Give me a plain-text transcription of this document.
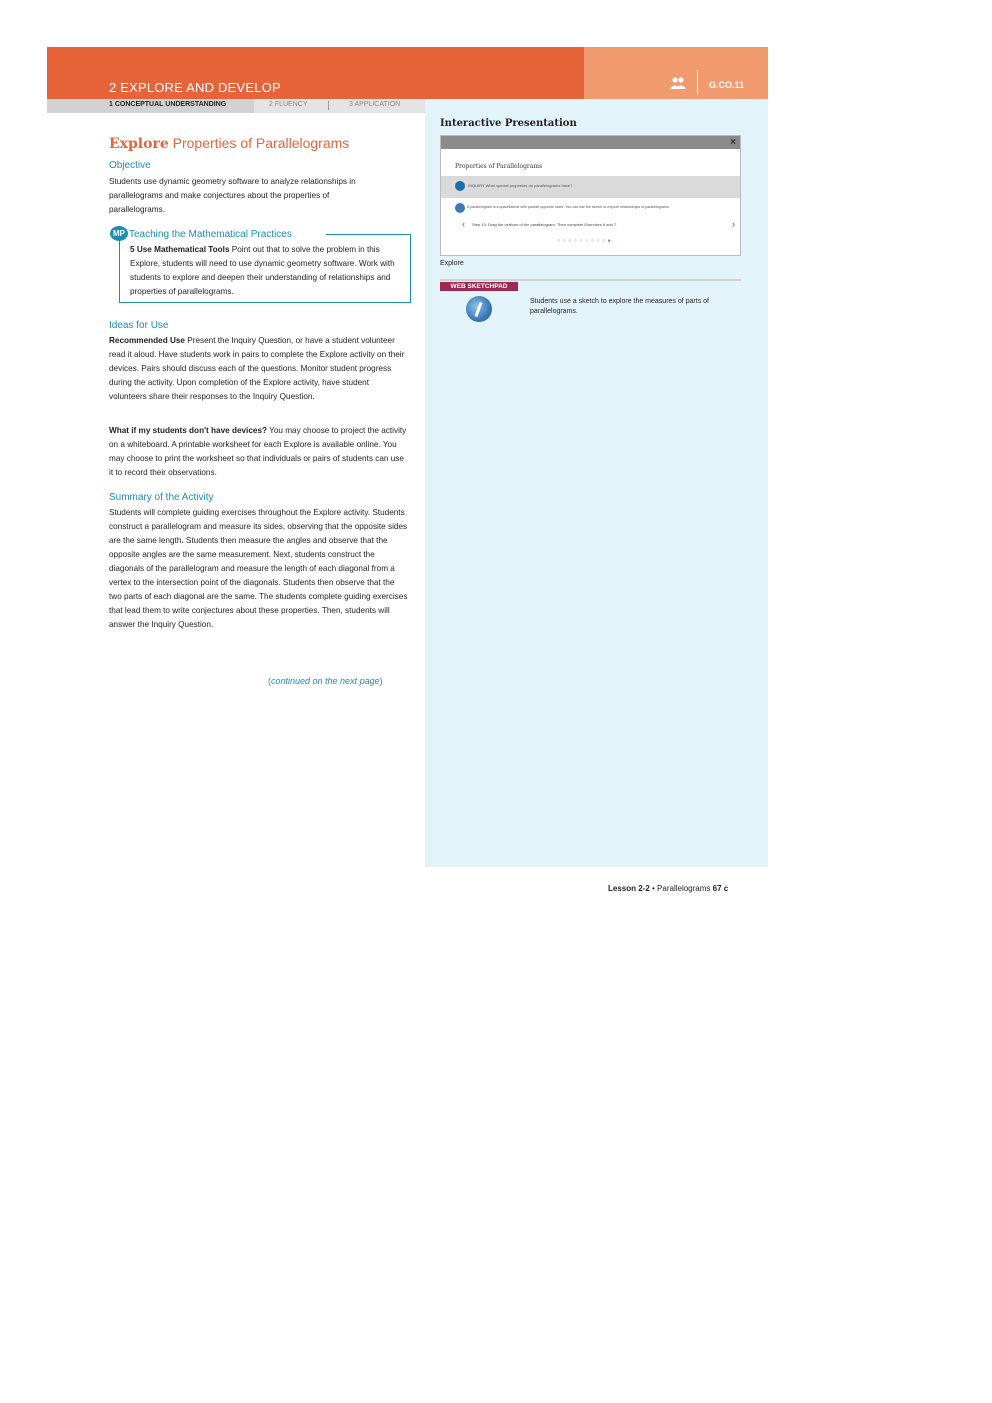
2 EXPLORE AND DEVELOP	G.CO.11
1 CONCEPTUAL UNDERSTANDING	2 FLUENCY	3 APPLICATION
Explore Properties of Parallelograms
Objective
Students use dynamic geometry software to analyze relationships in parallelograms and make conjectures about the properties of parallelograms.
MP Teaching the Mathematical Practices
5 Use Mathematical Tools Point out that to solve the problem in this Explore, students will need to use dynamic geometry software. Work with students to explore and deepen their understanding of relationships and properties of parallelograms.
Ideas for Use
Recommended Use Present the Inquiry Question, or have a student volunteer read it aloud. Have students work in pairs to complete the Explore activity on their devices. Pairs should discuss each of the questions. Monitor student progress during the activity. Upon completion of the Explore activity, have student volunteers share their responses to the Inquiry Question.
What if my students don't have devices? You may choose to project the activity on a whiteboard. A printable worksheet for each Explore is available online. You may choose to print the worksheet so that individuals or pairs of students can use it to record their observations.
Summary of the Activity
Students will complete guiding exercises throughout the Explore activity. Students construct a parallelogram and measure its sides, observing that the opposite sides are the same length. Students then measure the angles and observe that the opposite angles are the same measurement. Next, students construct the diagonals of the parallelogram and measure the length of each diagonal from a vertex to the intersection point of the diagonals. Students then observe that the two parts of each diagonal are the same. The students complete guiding exercises that lead them to write conjectures about these properties. Then, students will answer the Inquiry Question.
(continued on the next page)
Interactive Presentation
×
Properties of Parallelograms
INQUIRY What special properties do parallelograms have?
A parallelogram is a quadrilateral with parallel opposite sides. You can use the sketch to explore relationships of parallelograms.
‹ Step 10: Drag the vertices of the parallelogram. Then complete Exercises 6 and 7.	›
○○○○○○○○○●
Explore
WEB SKETCHPAD
Students use a sketch to explore the measures of parts of parallelograms.
Lesson 2-2 • Parallelograms 67 c
